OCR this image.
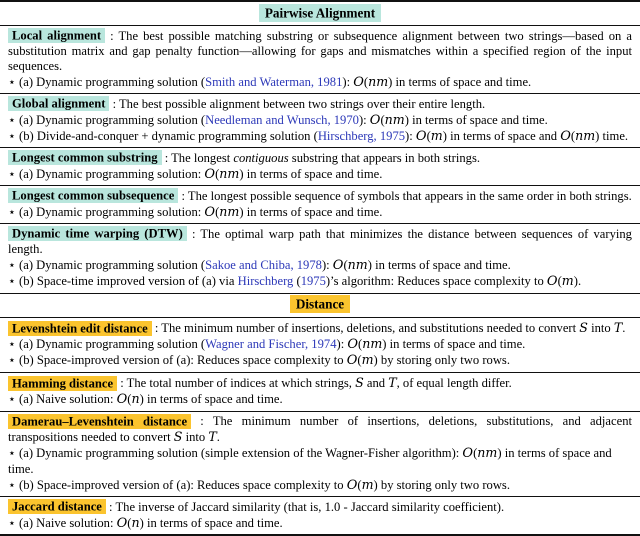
Pairwise Alignment

Local alignment : The best possible matching substring or subsequence alignment between two strings—based on a substitution matrix and gap penalty function—allowing for gaps and mismatches within a specified region of the input sequences.

⋆ (a) Dynamic programming solution (Smith and Waterman, 1981): O(nm) in terms of space and time.

Global alignment : The best possible alignment between two strings over their entire length.

⋆ (a) Dynamic programming solution (Needleman and Wunsch, 1970): O(nm) in terms of space and time.

⋆ (b) Divide-and-conquer + dynamic programming solution (Hirschberg, 1975): O(m) in terms of space and O(nm) time.

Longest common substring : The longest contiguous substring that appears in both strings.

⋆ (a) Dynamic programming solution: O(nm) in terms of space and time.

Longest common subsequence : The longest possible sequence of symbols that appears in the same order in both strings.

⋆ (a) Dynamic programming solution: O(nm) in terms of space and time.

Dynamic time warping (DTW) : The optimal warp path that minimizes the distance between sequences of varying length.

⋆ (a) Dynamic programming solution (Sakoe and Chiba, 1978): O(nm) in terms of space and time.

⋆ (b) Space-time improved version of (a) via Hirschberg (1975)’s algorithm: Reduces space complexity to O(m).

Distance

Levenshtein edit distance : The minimum number of insertions, deletions, and substitutions needed to convert S into T.

⋆ (a) Dynamic programming solution (Wagner and Fischer, 1974): O(nm) in terms of space and time.

⋆ (b) Space-improved version of (a): Reduces space complexity to O(m) by storing only two rows.

Hamming distance : The total number of indices at which strings, S and T, of equal length differ.

⋆ (a) Naive solution: O(n) in terms of space and time.

Damerau–Levenshtein distance : The minimum number of insertions, deletions, substitutions, and adjacent transpositions needed to convert S into T.

⋆ (a) Dynamic programming solution (simple extension of the Wagner-Fisher algorithm): O(nm) in terms of space and time.

⋆ (b) Space-improved version of (a): Reduces space complexity to O(m) by storing only two rows.

Jaccard distance : The inverse of Jaccard similarity (that is, 1.0 - Jaccard similarity coefficient).

⋆ (a) Naive solution: O(n) in terms of space and time.
